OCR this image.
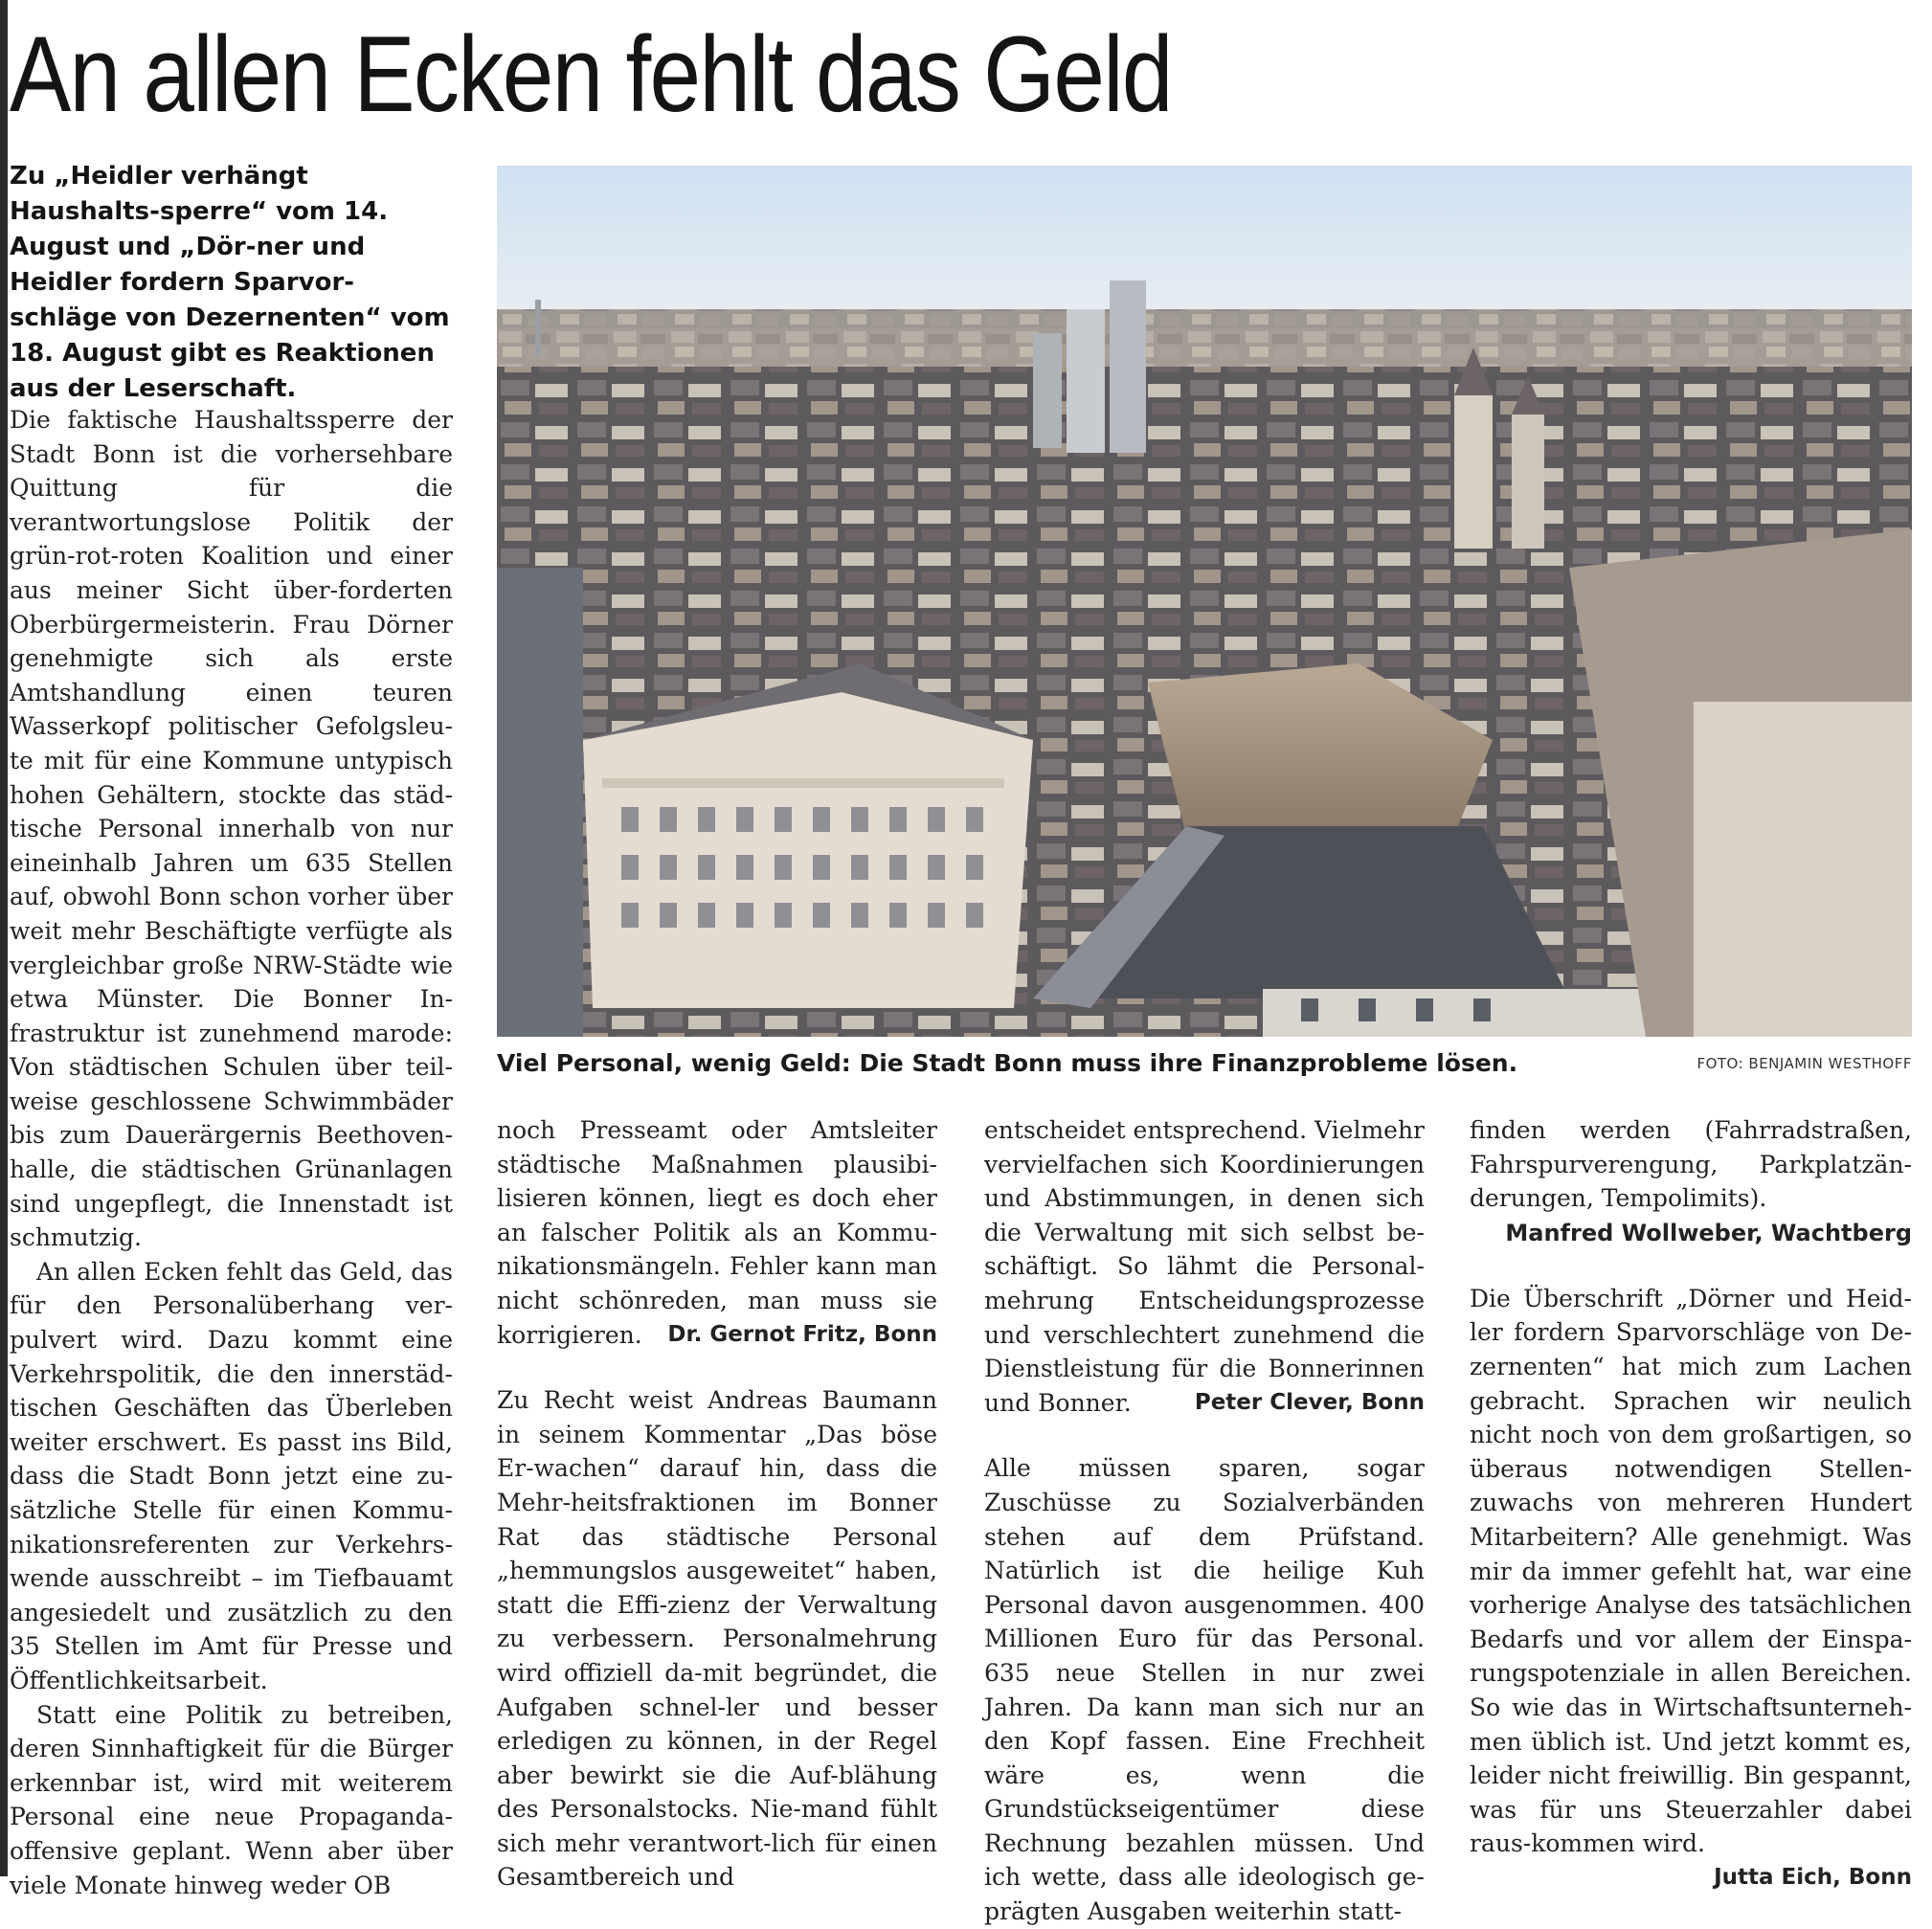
An allen Ecken fehlt das Geld
Zu „Heidler verhängt Haushalts-sperre“ vom 14. August und „Dör-ner und Heidler fordern Sparvor-schläge von Dezernenten“ vom 18. August gibt es Reaktionen aus der Leserschaft.

Die faktische Haushaltssperre der Stadt Bonn ist die vorhersehbare Quittung für die verantwortungslose Politik der grün-rot-roten Koalition und einer aus meiner Sicht über-forderten Oberbürgermeisterin. Frau Dörner genehmigte sich als erste Amtshandlung einen teuren Wasserkopf politischer Gefolgsleu-te mit für eine Kommune untypisch hohen Gehältern, stockte das städ-tische Personal innerhalb von nur eineinhalb Jahren um 635 Stellen auf, obwohl Bonn schon vorher über weit mehr Beschäftigte verfügte als vergleichbar große NRW-Städte wie etwa Münster. Die Bonner In-frastruktur ist zunehmend marode: Von städtischen Schulen über teil-weise geschlossene Schwimmbäder bis zum Dauerärgernis Beethoven-halle, die städtischen Grünanlagen sind ungepflegt, die Innenstadt ist schmutzig.

An allen Ecken fehlt das Geld, das für den Personalüberhang ver-pulvert wird. Dazu kommt eine Verkehrspolitik, die den innerstäd-tischen Geschäften das Überleben weiter erschwert. Es passt ins Bild, dass die Stadt Bonn jetzt eine zu-sätzliche Stelle für einen Kommu-nikationsreferenten zur Verkehrs-wende ausschreibt – im Tiefbauamt angesiedelt und zusätzlich zu den 35 Stellen im Amt für Presse und Öffentlichkeitsarbeit.

Statt eine Politik zu betreiben, deren Sinnhaftigkeit für die Bürger erkennbar ist, wird mit weiterem Personal eine neue Propaganda-offensive geplant. Wenn aber über viele Monate hinweg weder OB

Viel Personal, wenig Geld: Die Stadt Bonn muss ihre Finanzprobleme lösen.	FOTO: BENJAMIN WESTHOFF

noch Presseamt oder Amtsleiter städtische Maßnahmen plausibi-lisieren können, liegt es doch eher an falscher Politik als an Kommu-nikationsmängeln. Fehler kann man nicht schönreden, man muss sie korrigieren. Dr. Gernot Fritz, Bonn

Zu Recht weist Andreas Baumann in seinem Kommentar „Das böse Er-wachen“ darauf hin, dass die Mehr-heitsfraktionen im Bonner Rat das städtische Personal „hemmungslos ausgeweitet“ haben, statt die Effi-zienz der Verwaltung zu verbessern. Personalmehrung wird offiziell da-mit begründet, die Aufgaben schnel-ler und besser erledigen zu können, in der Regel aber bewirkt sie die Auf-blähung des Personalstocks. Nie-mand fühlt sich mehr verantwort-lich für einen Gesamtbereich und

entscheidet entsprechend. Vielmehr vervielfachen sich Koordinierungen und Abstimmungen, in denen sich die Verwaltung mit sich selbst be-schäftigt. So lähmt die Personal-mehrung Entscheidungsprozesse und verschlechtert zunehmend die Dienstleistung für die Bonnerinnen und Bonner.	Peter Clever, Bonn

Alle müssen sparen, sogar Zuschüsse zu Sozialverbänden stehen auf dem Prüfstand. Natürlich ist die heilige Kuh Personal davon ausgenommen. 400 Millionen Euro für das Personal. 635 neue Stellen in nur zwei Jahren. Da kann man sich nur an den Kopf fassen. Eine Frechheit wäre es, wenn die Grundstückseigentümer diese Rechnung bezahlen müssen. Und ich wette, dass alle ideologisch ge-prägten Ausgaben weiterhin statt-

finden werden (Fahrradstraßen, Fahrspurverengung, Parkplatzän-derungen, Tempolimits).

Manfred Wollweber, Wachtberg

Die Überschrift „Dörner und Heid-ler fordern Sparvorschläge von De-zernenten“ hat mich zum Lachen gebracht. Sprachen wir neulich nicht noch von dem großartigen, so überaus notwendigen Stellen-zuwachs von mehreren Hundert Mitarbeitern? Alle genehmigt. Was mir da immer gefehlt hat, war eine vorherige Analyse des tatsächlichen Bedarfs und vor allem der Einspa-rungspotenziale in allen Bereichen. So wie das in Wirtschaftsunterneh-men üblich ist. Und jetzt kommt es, leider nicht freiwillig. Bin gespannt, was für uns Steuerzahler dabei raus-kommen wird.
Jutta Eich, Bonn
